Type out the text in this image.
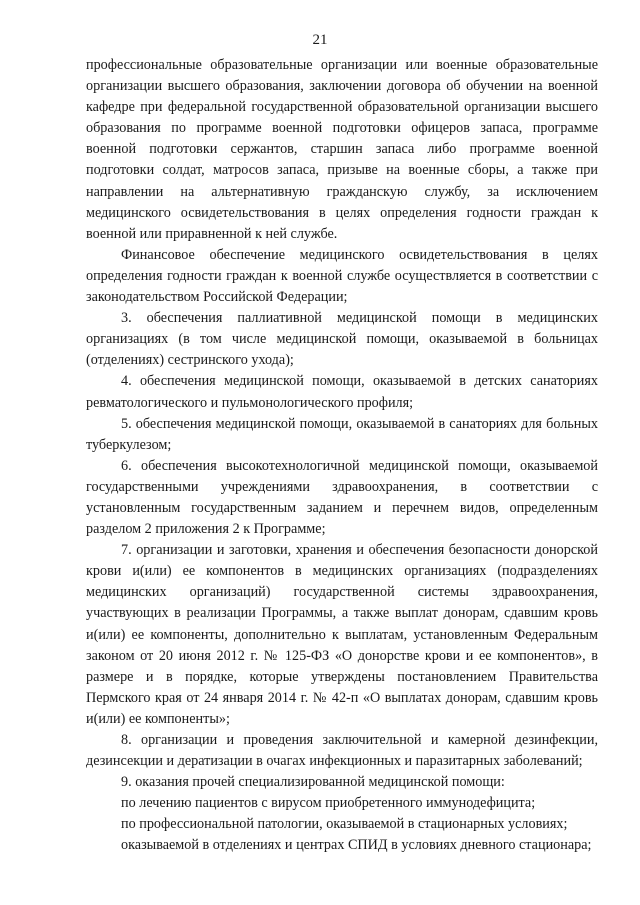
21

профессиональные образовательные организации или военные образовательные организации высшего образования, заключении договора об обучении на военной кафедре при федеральной государственной образовательной организации высшего образования по программе военной подготовки офицеров запаса, программе военной подготовки сержантов, старшин запаса либо программе военной подготовки солдат, матросов запаса, призыве на военные сборы, а также при направлении на альтернативную гражданскую службу, за исключением медицинского освидетельствования в целях определения годности граждан к военной или приравненной к ней службе.

Финансовое обеспечение медицинского освидетельствования в целях определения годности граждан к военной службе осуществляется в соответствии с законодательством Российской Федерации;

3. обеспечения паллиативной медицинской помощи в медицинских организациях (в том числе медицинской помощи, оказываемой в больницах (отделениях) сестринского ухода);

4. обеспечения медицинской помощи, оказываемой в детских санаториях ревматологического и пульмонологического профиля;

5. обеспечения медицинской помощи, оказываемой в санаториях для больных туберкулезом;

6. обеспечения высокотехнологичной медицинской помощи, оказываемой государственными учреждениями здравоохранения, в соответствии с установленным государственным заданием и перечнем видов, определенным разделом 2 приложения 2 к Программе;

7. организации и заготовки, хранения и обеспечения безопасности донорской крови и(или) ее компонентов в медицинских организациях (подразделениях медицинских организаций) государственной системы здравоохранения, участвующих в реализации Программы, а также выплат донорам, сдавшим кровь и(или) ее компоненты, дополнительно к выплатам, установленным Федеральным законом от 20 июня 2012 г. № 125-ФЗ «О донорстве крови и ее компонентов», в размере и в порядке, которые утверждены постановлением Правительства Пермского края от 24 января 2014 г. № 42-п «О выплатах донорам, сдавшим кровь и(или) ее компоненты»;

8. организации и проведения заключительной и камерной дезинфекции, дезинсекции и дератизации в очагах инфекционных и паразитарных заболеваний;

9. оказания прочей специализированной медицинской помощи:

по лечению пациентов с вирусом приобретенного иммунодефицита;

по профессиональной патологии, оказываемой в стационарных условиях;

оказываемой в отделениях и центрах СПИД в условиях дневного стационара;
